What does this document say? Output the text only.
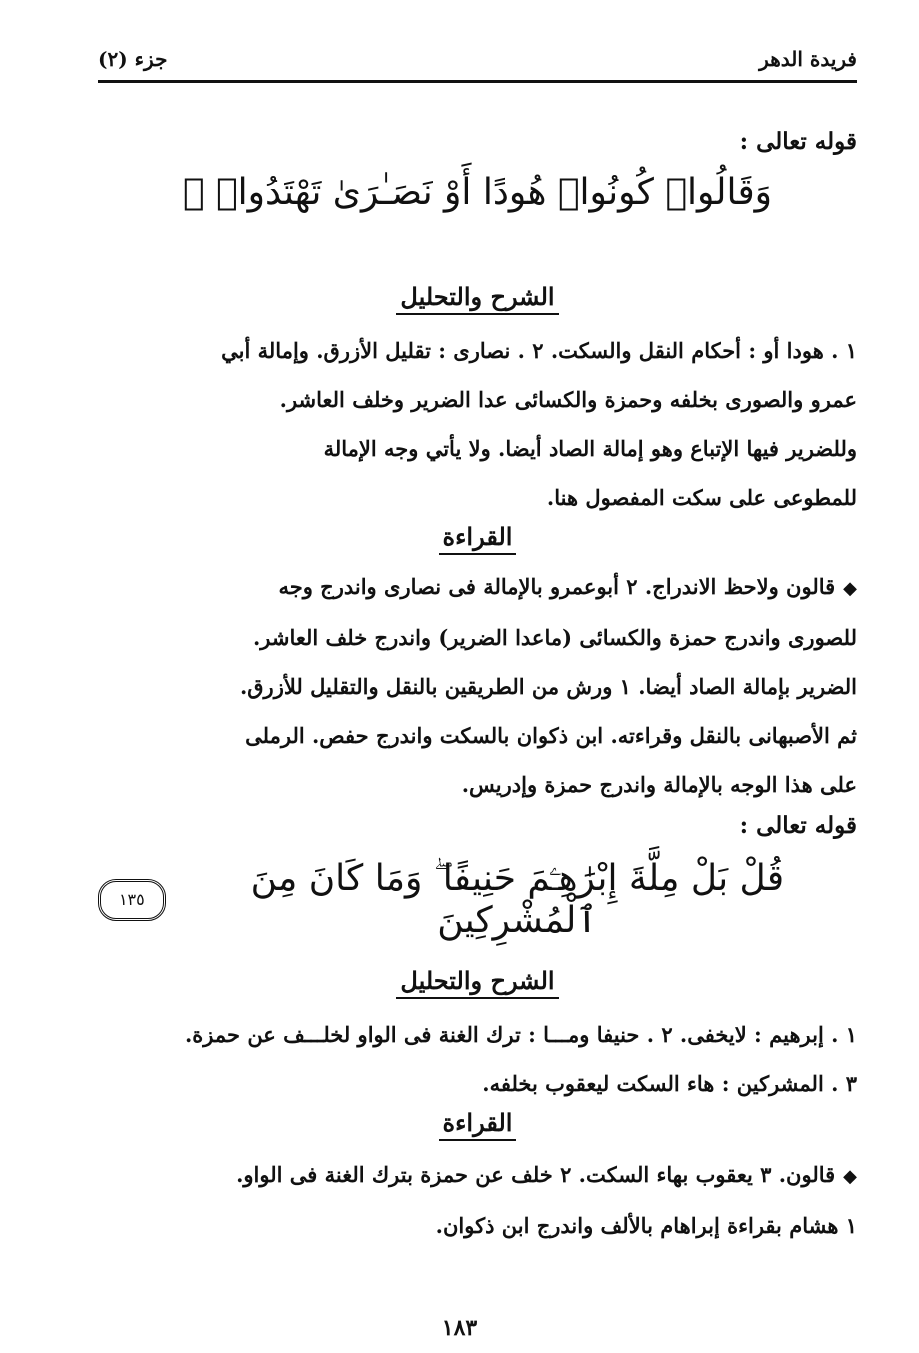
فريدة الدهر
جزء (٢)
قوله تعالى :
وَقَالُوا۟ كُونُوا۟ هُودًا أَوْ نَصَـٰرَىٰ تَهْتَدُوا۟ ۗ
الشرح والتحليل
١ . هودا أو : أحكام النقل والسكت. ٢ . نصارى : تقليل الأزرق. وإمالة أبي
عمرو والصورى بخلفه وحمزة والكسائى عدا الضرير وخلف العاشر.
وللضرير فيها الإتباع وهو إمالة الصاد أيضا. ولا يأتي وجه الإمالة
للمطوعى على سكت المفصول هنا.
القراءة
◆قالون ولاحظ الاندراج. ٢ أبوعمرو بالإمالة فى نصارى واندرج وجه
للصورى واندرج حمزة والكسائى (ماعدا الضرير) واندرج خلف العاشر.
الضرير بإمالة الصاد أيضا. ١ ورش من الطريقين بالنقل والتقليل للأزرق.
ثم الأصبهانى بالنقل وقراءته. ابن ذكوان بالسكت واندرج حفص. الرملى
على هذا الوجه بالإمالة واندرج حمزة وإدريس.
قوله تعالى :
قُلْ بَلْ مِلَّةَ إِبْرَٰهِـۧمَ حَنِيفًا ۖ وَمَا كَانَ مِنَ ٱلْمُشْرِكِينَ
١٣٥
الشرح والتحليل
١ . إبرهيم : لايخفى. ٢ . حنيفا ومـــا : ترك الغنة فى الواو لخلـــف عن حمزة.
٣ . المشركين : هاء السكت ليعقوب بخلفه.
القراءة
◆قالون. ٣ يعقوب بهاء السكت. ٢ خلف عن حمزة بترك الغنة فى الواو.
١ هشام بقراءة إبراهام بالألف واندرج ابن ذكوان.
١٨٣
